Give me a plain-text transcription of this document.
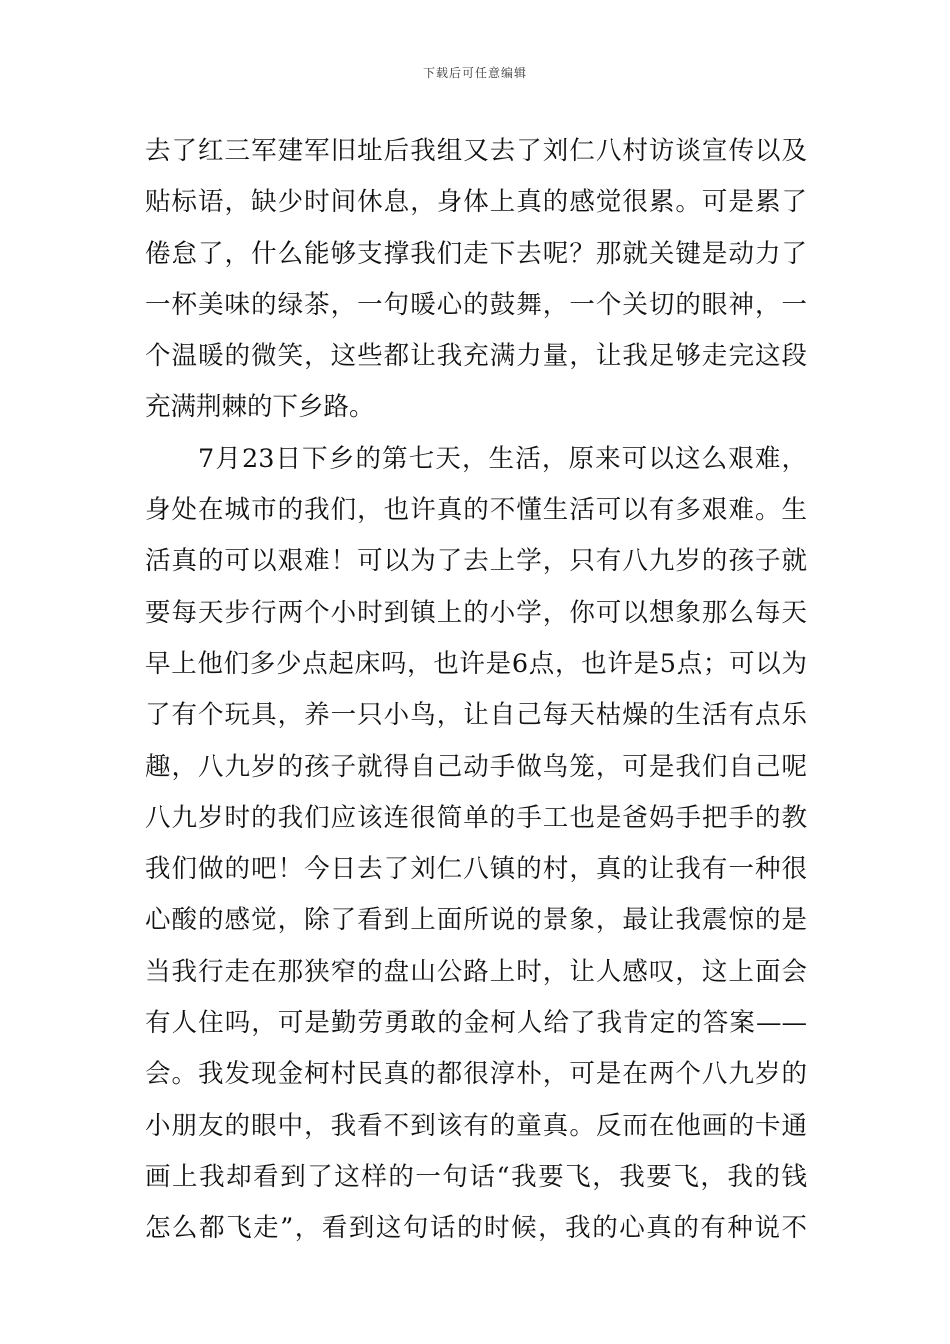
下载后可任意编辑
去了红三军建军旧址后我组又去了刘仁八村访谈宣传以及
贴标语，缺少时间休息，身体上真的感觉很累。可是累了
倦怠了，什么能够支撑我们走下去呢？那就关键是动力了
一杯美味的绿茶，一句暖心的鼓舞，一个关切的眼神，一
个温暖的微笑，这些都让我充满力量，让我足够走完这段
充满荆棘的下乡路。
7月23日下乡的第七天，生活，原来可以这么艰难，
身处在城市的我们，也许真的不懂生活可以有多艰难。生
活真的可以艰难！可以为了去上学，只有八九岁的孩子就
要每天步行两个小时到镇上的小学，你可以想象那么每天
早上他们多少点起床吗，也许是6点，也许是5点；可以为
了有个玩具，养一只小鸟，让自己每天枯燥的生活有点乐
趣，八九岁的孩子就得自己动手做鸟笼，可是我们自己呢
八九岁时的我们应该连很简单的手工也是爸妈手把手的教
我们做的吧！今日去了刘仁八镇的村，真的让我有一种很
心酸的感觉，除了看到上面所说的景象，最让我震惊的是
当我行走在那狭窄的盘山公路上时，让人感叹，这上面会
有人住吗，可是勤劳勇敢的金柯人给了我肯定的答案——
会。我发现金柯村民真的都很淳朴，可是在两个八九岁的
小朋友的眼中，我看不到该有的童真。反而在他画的卡通
画上我却看到了这样的一句话“我要飞，我要飞，我的钱
怎么都飞走”，看到这句话的时候，我的心真的有种说不
